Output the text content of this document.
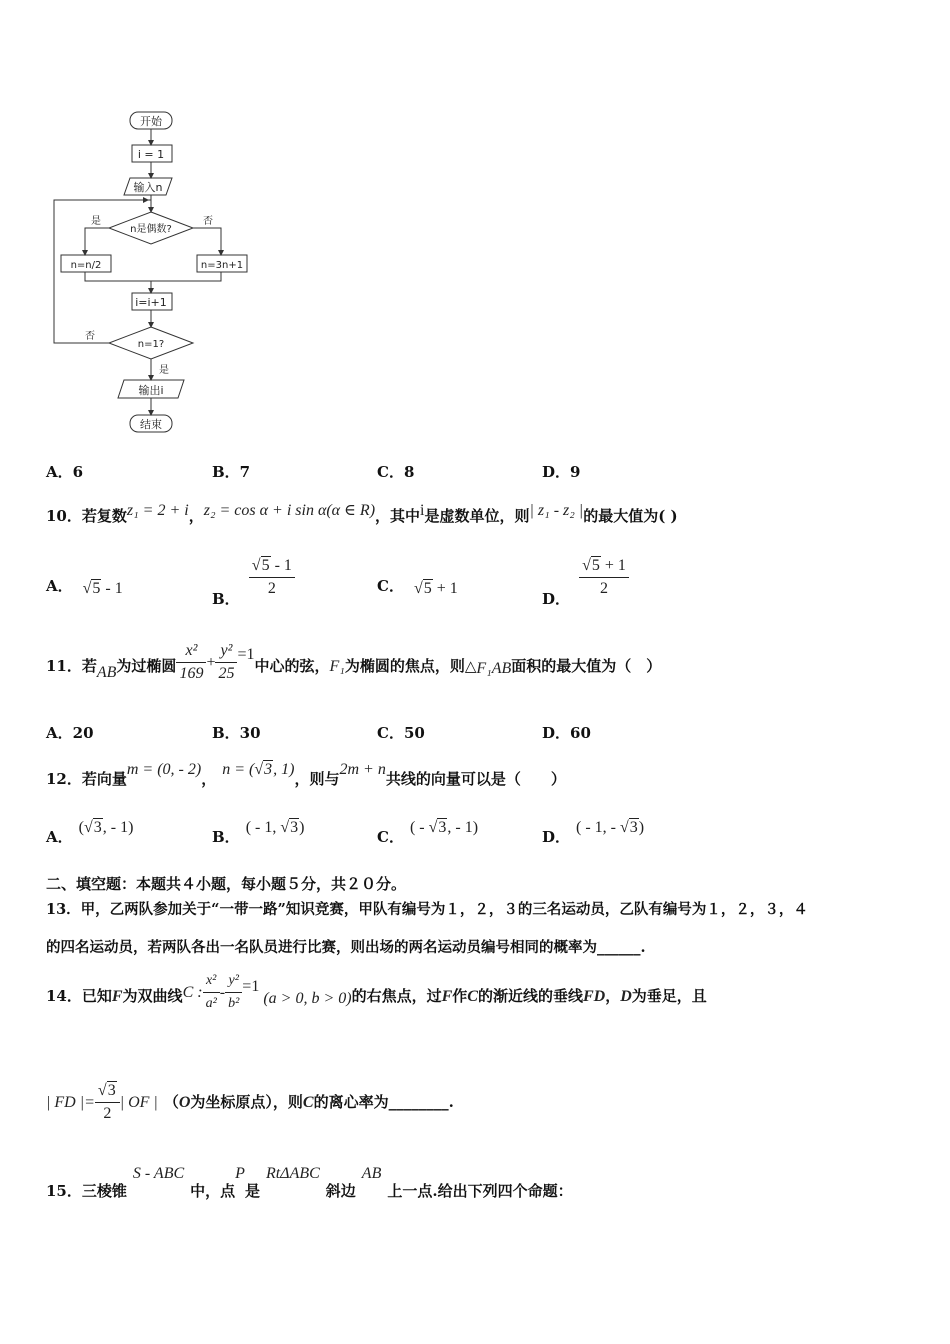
开始
i = 1
输入n
n是偶数?
是	否
n=n/2	n=3n+1
i=i+1
n=1?
否
是
输出i
结束
A．6	B．7	C．8	D．9
10．若复数z₁ = 2 + i，z₂ = cos α + i sin α(α ∈ R)，其中i是虚数单位，则| z₁ - z₂ |的最大值为( )
A． √5 - 1
B． $\frac{√5 - 1}{2}$	C． √5 + 1
D． $\frac{√5 + 1}{2}$
11．若AB为过椭圆 $\frac{\text{x²}}{169} + \frac{\text{y²}}{25} =1$中心的弦，F₁为椭圆的焦点，则△F₁AB面积的最大值为（　）
A．20	B．30	C．50	D．60
12．若向量m = (0, - 2)，n = (√3, 1)，则与2m + n共线的向量可以是（　　）
A．(√3, - 1)
B．( - 1, √3)
C．( - √3, - 1)
D．( - 1, - √3)
二、填空题：本题共４小题，每小题５分，共２０分。
13．甲，乙两队参加关于“一带一路”知识竞赛，甲队有编号为１，２，３的三名运动员，乙队有编号为１，２，３，４
的四名运动员，若两队各出一名队员进行比赛，则出场的两名运动员编号相同的概率为______.
14．已知F为双曲线C : $\frac{\text{x²}}{\text{a²}} - \frac{\text{y²}}{\text{b²}} =1(a > 0$, b > 0)的右焦点，过F作C的渐近线的垂线FD，D为垂足，且
| FD |= $\frac{√3}{2}$ | OF | （O为坐标原点），则C的离心率为________.
15．三棱锥S - ABC中，点P是RtΔABC斜边AB上一点.给出下列四个命题：
